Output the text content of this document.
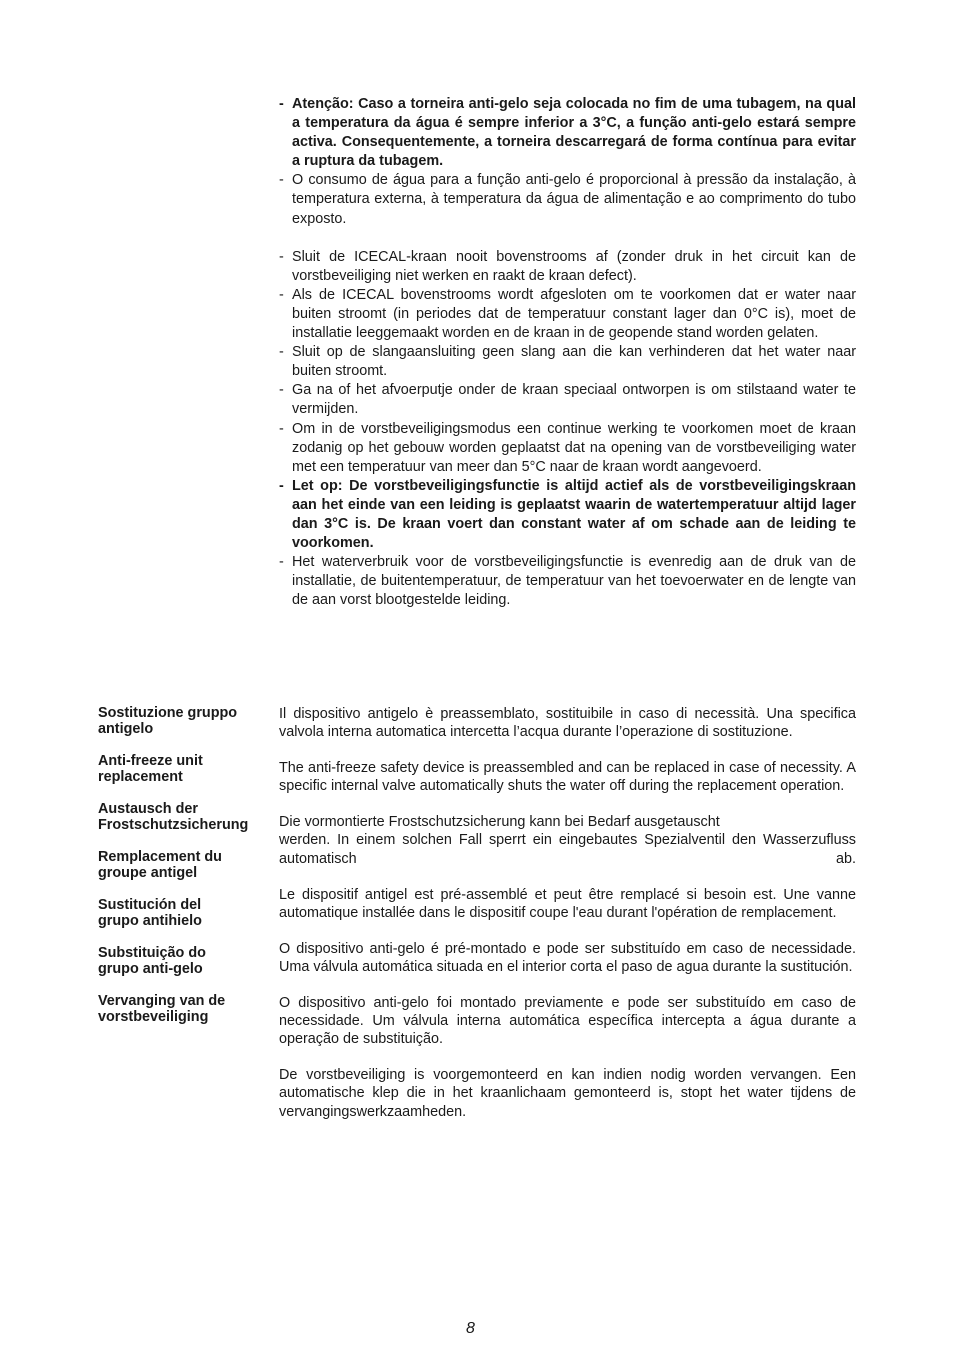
- Atenção: Caso a torneira anti-gelo seja colocada no fim de uma tubagem, na qual a temperatura da água é sempre inferior a 3°C, a função anti-gelo estará sempre activa. Consequentemente, a torneira descarregará de forma contínua para evitar a ruptura da tubagem.
- O consumo de água para a função anti-gelo é proporcional à pressão da instalação, à temperatura externa, à temperatura da água de alimentação e ao comprimento do tubo exposto.
- Sluit de ICECAL-kraan nooit bovenstrooms af (zonder druk in het circuit kan de vorstbeveiliging niet werken en raakt de kraan defect).
- Als de ICECAL bovenstrooms wordt afgesloten om te voorkomen dat er water naar buiten stroomt (in periodes dat de temperatuur constant lager dan 0°C is), moet de installatie leeggemaakt worden en de kraan in de geopende stand worden gelaten.
- Sluit op de slangaansluiting geen slang aan die kan verhinderen dat het water naar buiten stroomt.
- Ga na of het afvoerputje onder de kraan speciaal ontworpen is om stilstaand water te vermijden.
- Om in de vorstbeveiligingsmodus een continue werking te voorkomen moet de kraan zodanig op het gebouw worden geplaatst dat na opening van de vorstbeveiliging water met een temperatuur van meer dan 5°C naar de kraan wordt aangevoerd.
- Let op: De vorstbeveiligingsfunctie is altijd actief als de vorstbeveiligingskraan aan het einde van een leiding is geplaatst waarin de watertemperatuur altijd lager dan 3°C is. De kraan voert dan constant water af om schade aan de leiding te voorkomen.
- Het waterverbruik voor de vorstbeveiligingsfunctie is evenredig aan de druk van de installatie, de buitentemperatuur, de temperatuur van het toevoerwater en de lengte van de aan vorst blootgestelde leiding.
Sostituzione gruppo
antigelo
Anti-freeze unit
replacement
Austausch der
Frostschutzsicherung
Remplacement du
groupe antigel
Sustitución del
grupo antihielo
Substituição do
grupo anti-gelo
Vervanging van de
vorstbeveiliging
Il dispositivo antigelo è preassemblato, sostituibile in caso di necessità. Una specifica valvola interna automatica intercetta l’acqua durante l’operazione di sostituzione.
The anti-freeze safety device is preassembled and can be replaced in case of necessity. A specific internal valve automatically shuts the water off during the replacement operation.
Die vormontierte Frostschutzsicherung kann bei Bedarf ausgetauscht
werden. In einem solchen Fall sperrt ein eingebautes Spezialventil den Wasserzufluss automatisch ab.
Le dispositif antigel est pré-assemblé et peut être remplacé si besoin est. Une vanne automatique installée dans le dispositif coupe l'eau durant l'opération de remplacement.
O dispositivo anti-gelo é pré-montado e pode ser substituído em caso de necessidade. Uma válvula automática situada en el interior corta el paso de agua durante la sustitución.
O dispositivo anti-gelo foi montado previamente e pode ser substituído em caso de necessidade. Um válvula interna automática específica intercepta a água durante a operação de substituição.
De vorstbeveiliging is voorgemonteerd en kan indien nodig worden vervangen. Een automatische klep die in het kraanlichaam gemonteerd is, stopt het water tijdens de vervangingswerkzaamheden.
8
